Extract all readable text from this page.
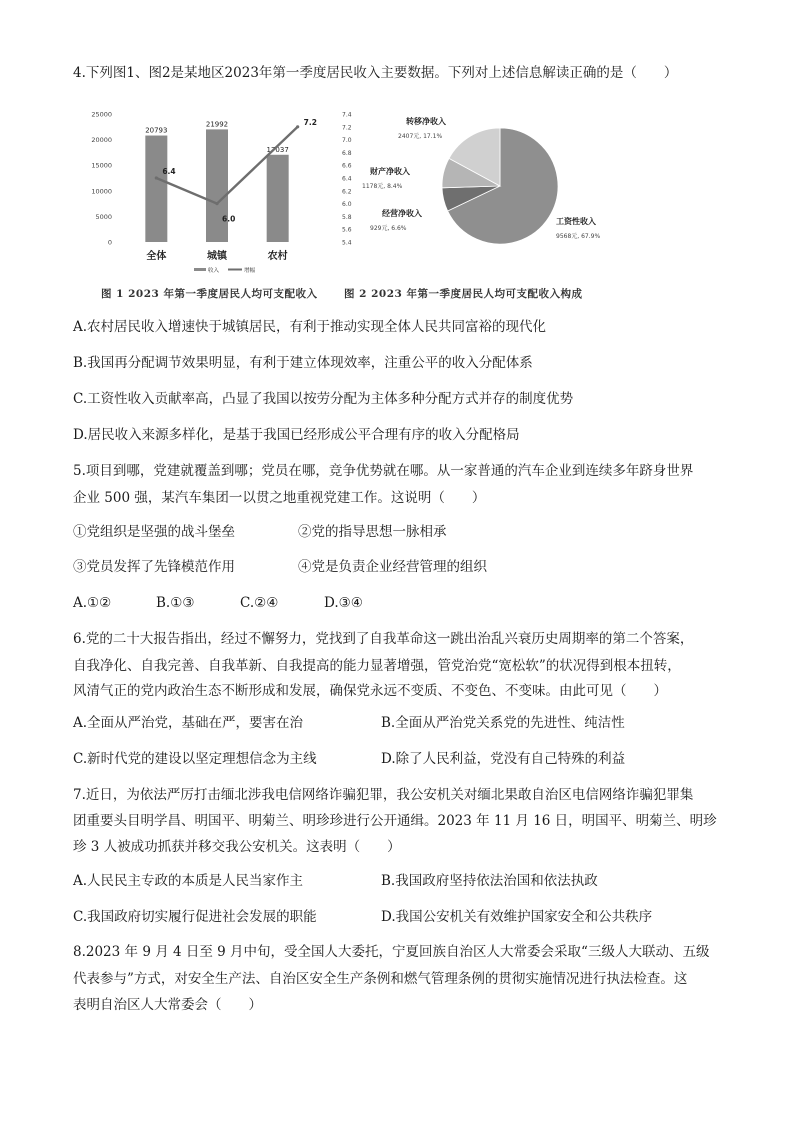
4.下列图1、图2是某地区2023年第一季度居民收入主要数据。下列对上述信息解读正确的是（　　）
25000
20000
15000
10000
5000
0
7.4
7.2
7.0
6.8
6.6
6.4
6.2
6.0
5.8
5.6
5.4
20793
21992
17037
6.4
6.0
7.2
全体	城镇	农村
收入	增幅
图 1 2023 年第一季度居民人均可支配收入
工资性收入
9568元, 67.9%
经营净收入
929元, 6.6%
财产净收入
1178元, 8.4%
转移净收入
2407元, 17.1%
图 2 2023 年第一季度居民人均可支配收入构成
A.农村居民收入增速快于城镇居民，有利于推动实现全体人民共同富裕的现代化
B.我国再分配调节效果明显，有利于建立体现效率，注重公平的收入分配体系
C.工资性收入贡献率高，凸显了我国以按劳分配为主体多种分配方式并存的制度优势
D.居民收入来源多样化，是基于我国已经形成公平合理有序的收入分配格局
5.项目到哪，党建就覆盖到哪；党员在哪，竞争优势就在哪。从一家普通的汽车企业到连续多年跻身世界
企业 500 强，某汽车集团一以贯之地重视党建工作。这说明（　　）
①党组织是坚强的战斗堡垒	②党的指导思想一脉相承
③党员发挥了先锋模范作用	④党是负责企业经营管理的组织
A.①②	B.①③	C.②④	D.③④
6.党的二十大报告指出，经过不懈努力，党找到了自我革命这一跳出治乱兴衰历史周期率的第二个答案，
自我净化、自我完善、自我革新、自我提高的能力显著增强，管党治党“宽松软”的状况得到根本扭转，
风清气正的党内政治生态不断形成和发展，确保党永远不变质、不变色、不变味。由此可见（　　）
A.全面从严治党，基础在严，要害在治	B.全面从严治党关系党的先进性、纯洁性
C.新时代党的建设以坚定理想信念为主线	D.除了人民利益，党没有自己特殊的利益
7.近日，为依法严厉打击缅北涉我电信网络诈骗犯罪，我公安机关对缅北果敢自治区电信网络诈骗犯罪集
团重要头目明学昌、明国平、明菊兰、明珍珍进行公开通缉。2023 年 11 月 16 日，明国平、明菊兰、明珍
珍 3 人被成功抓获并移交我公安机关。这表明（　　）
A.人民民主专政的本质是人民当家作主	B.我国政府坚持依法治国和依法执政
C.我国政府切实履行促进社会发展的职能	D.我国公安机关有效维护国家安全和公共秩序
8.2023 年 9 月 4 日至 9 月中旬，受全国人大委托，宁夏回族自治区人大常委会采取“三级人大联动、五级
代表参与”方式，对安全生产法、自治区安全生产条例和燃气管理条例的贯彻实施情况进行执法检查。这
表明自治区人大常委会（　　）
